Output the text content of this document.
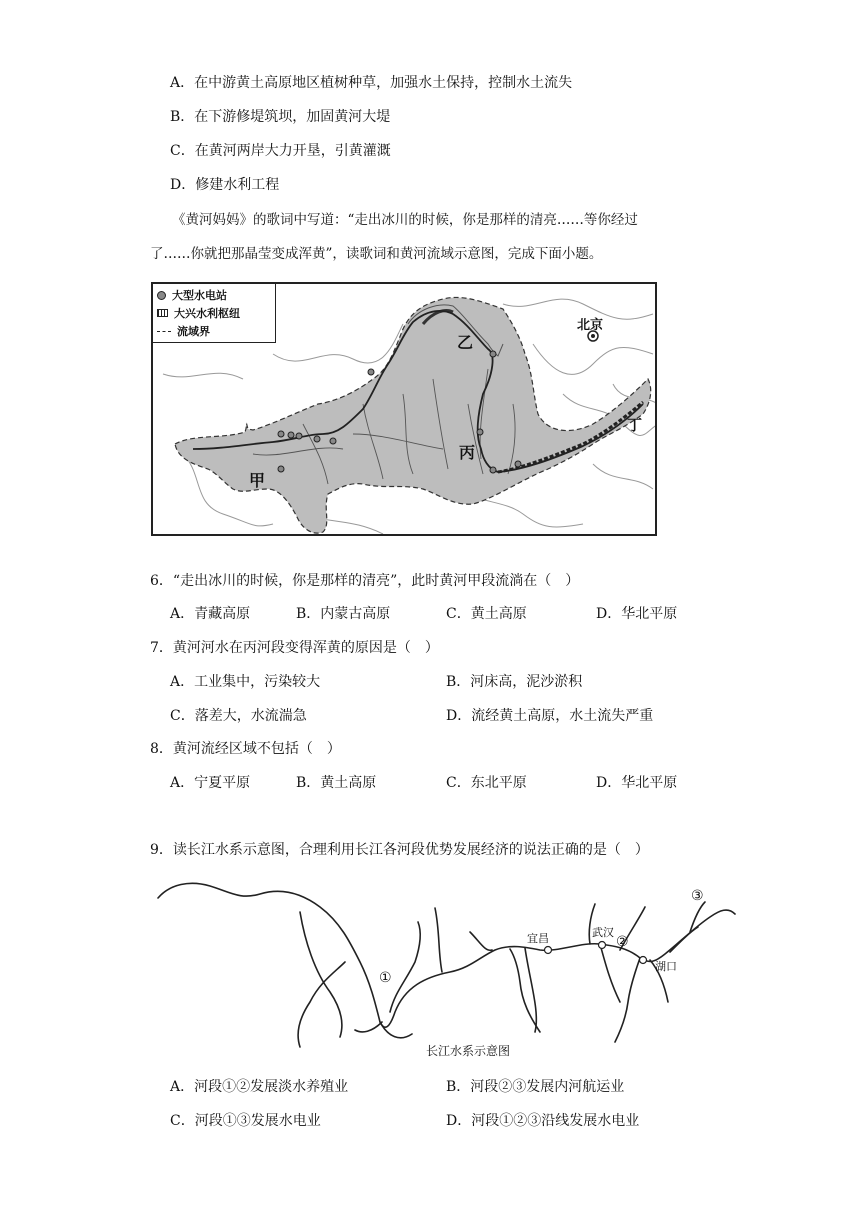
A．在中游黄土高原地区植树种草，加强水土保持，控制水土流失
B．在下游修堤筑坝，加固黄河大堤
C．在黄河两岸大力开垦，引黄灌溉
D．修建水利工程
《黄河妈妈》的歌词中写道：“走出冰川的时候，你是那样的清亮……等你经过
了……你就把那晶莹变成浑黄”，读歌词和黄河流域示意图，完成下面小题。
大型水电站
大兴水利枢纽
流域界
甲
乙
丙
丁
北京
6．“走出冰川的时候，你是那样的清亮”，此时黄河甲段流淌在（　）
A．青藏高原	B．内蒙古高原	C．黄土高原	D．华北平原
7．黄河河水在丙河段变得浑黄的原因是（　）
A．工业集中，污染较大	B．河床高，泥沙淤积
C．落差大，水流湍急	D．流经黄土高原，水土流失严重
8．黄河流经区域不包括（　）
A．宁夏平原	B．黄土高原	C．东北平原	D．华北平原
9．读长江水系示意图，合理利用长江各河段优势发展经济的说法正确的是（　）
宜昌	武汉
湖口
①
②
③
长江水系示意图
A．河段①②发展淡水养殖业	B．河段②③发展内河航运业
C．河段①③发展水电业	D．河段①②③沿线发展水电业
